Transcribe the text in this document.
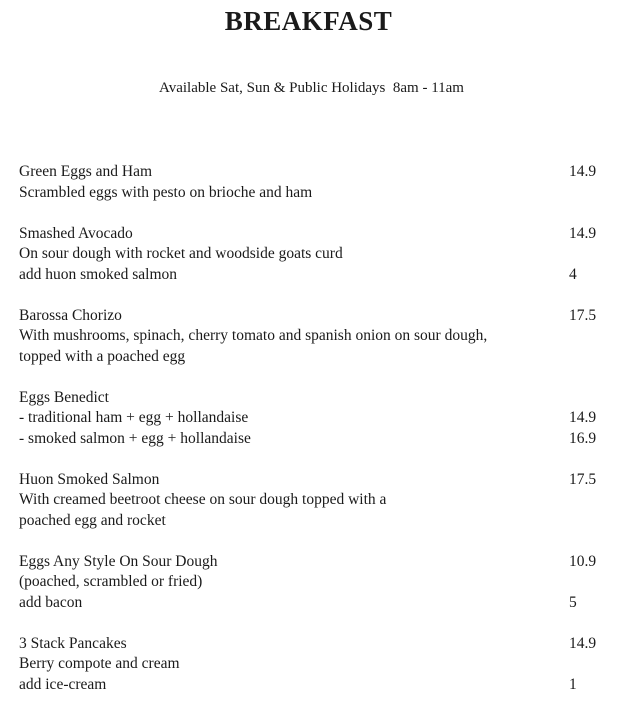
BREAKFAST
Available Sat, Sun & Public Holidays  8am - 11am
Green Eggs and Ham	14.9
Scrambled eggs with pesto on brioche and ham
Smashed Avocado	14.9
On sour dough with rocket and woodside goats curd
add huon smoked salmon	4
Barossa Chorizo	17.5
With mushrooms, spinach, cherry tomato and spanish onion on sour dough,
topped with a poached egg
Eggs Benedict
- traditional ham + egg + hollandaise	14.9
- smoked salmon + egg + hollandaise	16.9
Huon Smoked Salmon	17.5
With creamed beetroot cheese on sour dough topped with a
poached egg and rocket
Eggs Any Style On Sour Dough	10.9
(poached, scrambled or fried)
add bacon	5
3 Stack Pancakes	14.9
Berry compote and cream
add ice-cream	1
